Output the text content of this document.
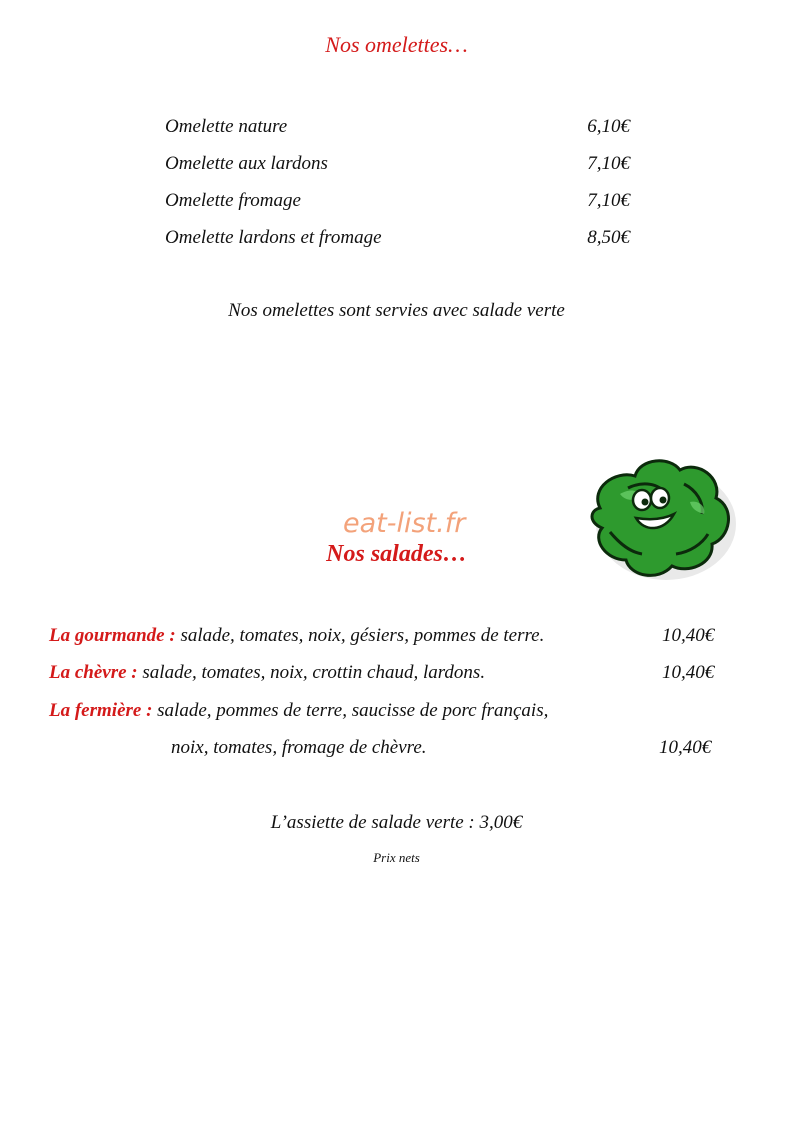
Nos omelettes…
Omelette nature	6,10€
Omelette aux lardons	7,10€
Omelette fromage	7,10€
Omelette lardons et fromage	8,50€
Nos omelettes sont servies avec salade verte
eat-list.fr
Nos salades…
La gourmande : salade, tomates, noix, gésiers, pommes de terre.	10,40€
La chèvre : salade, tomates, noix, crottin chaud, lardons.	10,40€
La fermière : salade, pommes de terre, saucisse de porc français,
noix, tomates, fromage de chèvre.	10,40€
L’assiette de salade verte : 3,00€
Prix nets
